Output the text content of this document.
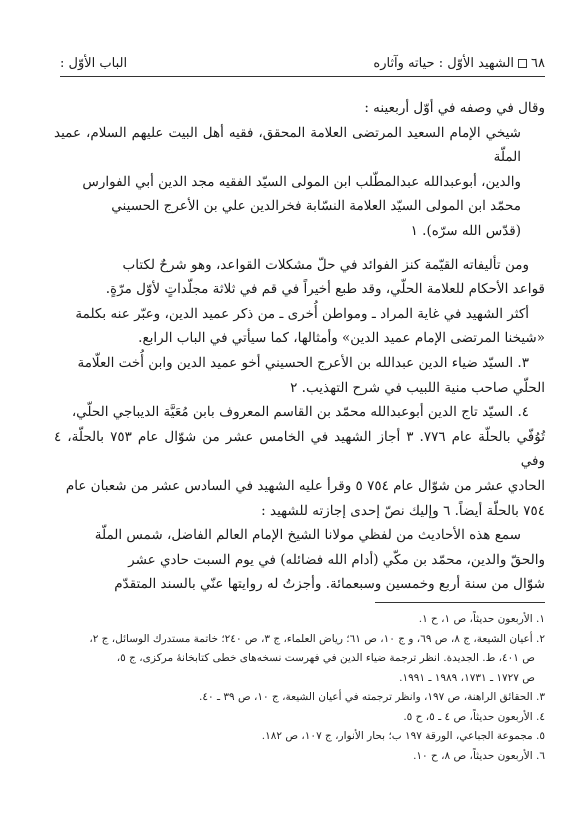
٦٨الشهيد الأوّل : حياته وآثاره
الباب الأوّل :

وقال في وصفه في أوّل أربعينه :

شيخي الإمام السعيد المرتضى العلامة المحقق، فقيه أهل البيت عليهم السلام، عميد الملّة

والدين، أبوعبدالله عبدالمطّلب ابن المولى السيّد الفقيه مجد الدين أبي الفوارس

محمّد ابن المولى السيّد العلامة النسّابة فخرالدين علي بن الأعرج الحسيني

(قدّس الله سرّه). ١

ومن تأليفاته القيّمة كنز الفوائد في حلّ مشكلات القواعد، وهو شرحٌ لكتاب

قواعد الأحكام للعلامة الحلّي، وقد طبع أخيراً في قم في ثلاثة مجلّداتٍ لأوّل مرّةٍ.

أكثر الشهيد في غاية المراد ـ ومواطن أُخرى ـ من ذكر عميد الدين، وعبّر عنه بكلمة

«شيخنا المرتضى الإمام عميد الدين» وأمثالها، كما سيأتي في الباب الرابع.

٣. السيّد ضياء الدين عبدالله بن الأعرج الحسيني أخو عميد الدين وابن أُخت العلّامة

الحلّي صاحب منية اللبيب في شرح التهذيب. ٢

٤. السيّد تاج الدين أبوعبدالله محمّد بن القاسم المعروف بابن مُعَيَّة الديباجي الحلّي،

تُوُفّي بالحلّة عام ٧٧٦. ٣ أجاز الشهيد في الخامس عشر من شوّال عام ٧٥٣ بالحلّة، ٤ وفي

الحادي عشر من شوّال عام ٧٥٤ ٥ وقرأ عليه الشهيد في السادس عشر من شعبان عام

٧٥٤ بالحلّة أيضاً. ٦ وإليك نصّ إحدى إجازته للشهيد :

سمع هذه الأحاديث من لفظي مولانا الشيخ الإمام العالم الفاضل، شمس الملّة

والحقّ والدين، محمّد بن مكّي (أدام الله فضائله) في يوم السبت حادي عشر

شوّال من سنة أربع وخمسين وسبعمائة. وأجزتُ له روايتها عنّي بالسند المتقدّم

١. الأربعون حديثاً، ص ١، ح ١.

٢. أعيان الشيعة، ج ٨، ص ٦٩، و ج ١٠، ص ٦١؛ رياض العلماء، ج ٣، ص ٢٤٠؛ خاتمة مستدرك الوسائل، ج ٢،

ص ٤٠١، ط. الجديدة. انظر ترجمة ضياء الدين في فهرست نسخه‌هاى خطى كتابخانهٔ مركزى، ج ٥،

ص ١٧٢٧ ـ ١٧٣١، ١٩٨٩ ـ ١٩٩١.

٣. الحقائق الراهنة، ص ١٩٧، وانظر ترجمته في أعيان الشيعة، ج ١٠، ص ٣٩ ـ ٤٠.

٤. الأربعون حديثاً، ص ٤ ـ ٥، ح ٥.

٥. مجموعة الجباعي، الورقة ١٩٧ ب؛ بحار الأنوار، ج ١٠٧، ص ١٨٢.

٦. الأربعون حديثاً، ص ٨، ح ١٠.
